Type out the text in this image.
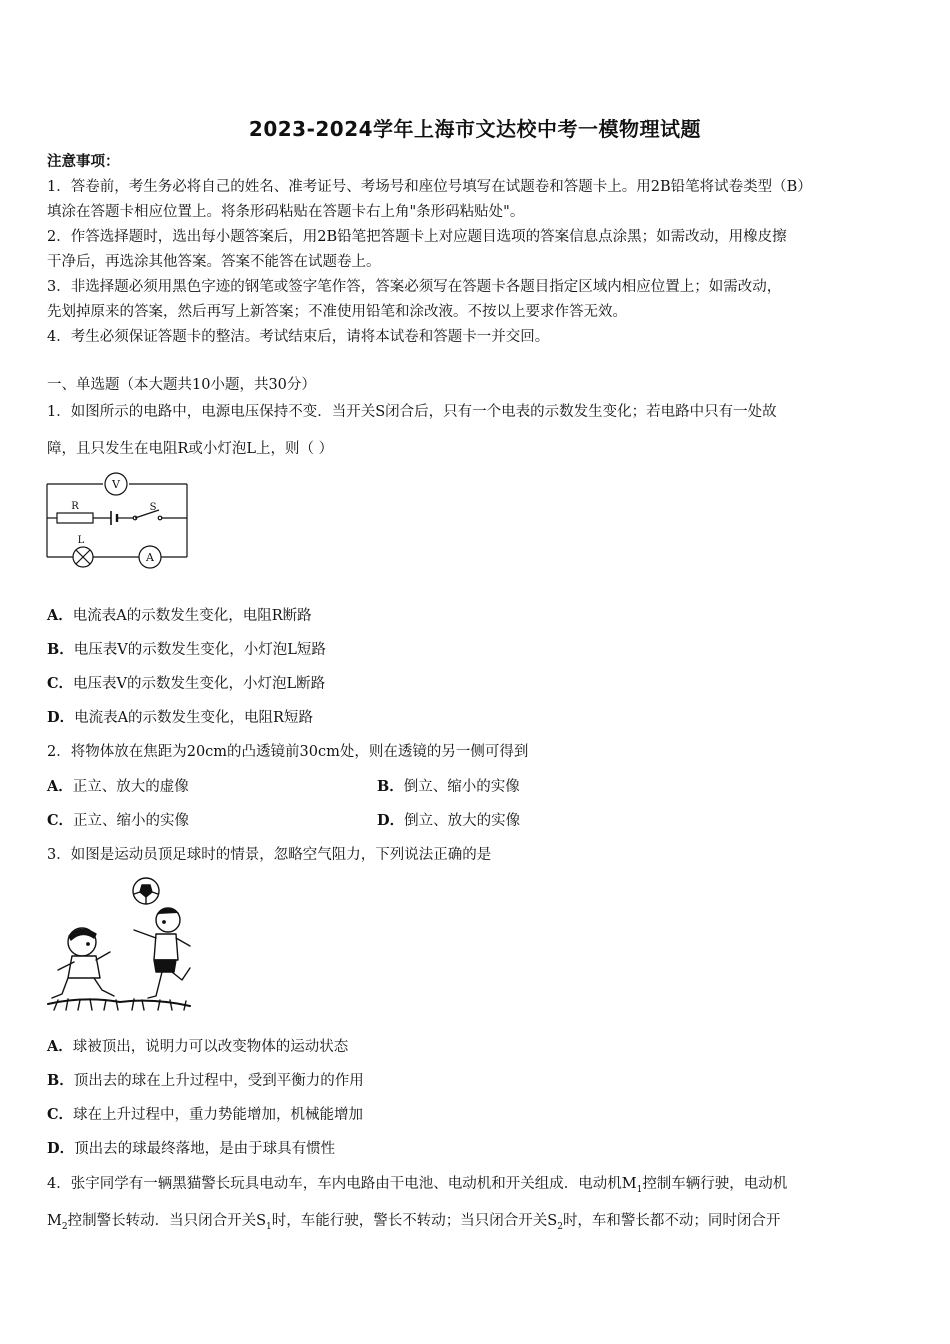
2023-2024学年上海市文达校中考一模物理试题
注意事项：
1．答卷前，考生务必将自己的姓名、准考证号、考场号和座位号填写在试题卷和答题卡上。用2B铅笔将试卷类型（B）
填涂在答题卡相应位置上。将条形码粘贴在答题卡右上角"条形码粘贴处"。
2．作答选择题时，选出每小题答案后，用2B铅笔把答题卡上对应题目选项的答案信息点涂黑；如需改动，用橡皮擦
干净后，再选涂其他答案。答案不能答在试题卷上。
3．非选择题必须用黑色字迹的钢笔或签字笔作答，答案必须写在答题卡各题目指定区域内相应位置上；如需改动，
先划掉原来的答案，然后再写上新答案；不准使用铅笔和涂改液。不按以上要求作答无效。
4．考生必须保证答题卡的整洁。考试结束后，请将本试卷和答题卡一并交回。
一、单选题（本大题共10小题，共30分）
1．如图所示的电路中，电源电压保持不变．当开关S闭合后，只有一个电表的示数发生变化；若电路中只有一处故
障，且只发生在电阻R或小灯泡L上，则（ ）
V
A
R	S
L
A．电流表A的示数发生变化，电阻R断路
B．电压表V的示数发生变化，小灯泡L短路
C．电压表V的示数发生变化，小灯泡L断路
D．电流表A的示数发生变化，电阻R短路
2．将物体放在焦距为20cm的凸透镜前30cm处，则在透镜的另一侧可得到
A．正立、放大的虚像	B．倒立、缩小的实像
C．正立、缩小的实像	D．倒立、放大的实像
3．如图是运动员顶足球时的情景，忽略空气阻力，下列说法正确的是
A．球被顶出，说明力可以改变物体的运动状态
B．顶出去的球在上升过程中，受到平衡力的作用
C．球在上升过程中，重力势能增加，机械能增加
D．顶出去的球最终落地，是由于球具有惯性
4．张宇同学有一辆黑猫警长玩具电动车，车内电路由干电池、电动机和开关组成．电动机$M_1$控制车辆行驶，电动机
$M_2$控制警长转动．当只闭合开关$S_1$时，车能行驶，警长不转动；当只闭合开关$S_2$时，车和警长都不动；同时闭合开
